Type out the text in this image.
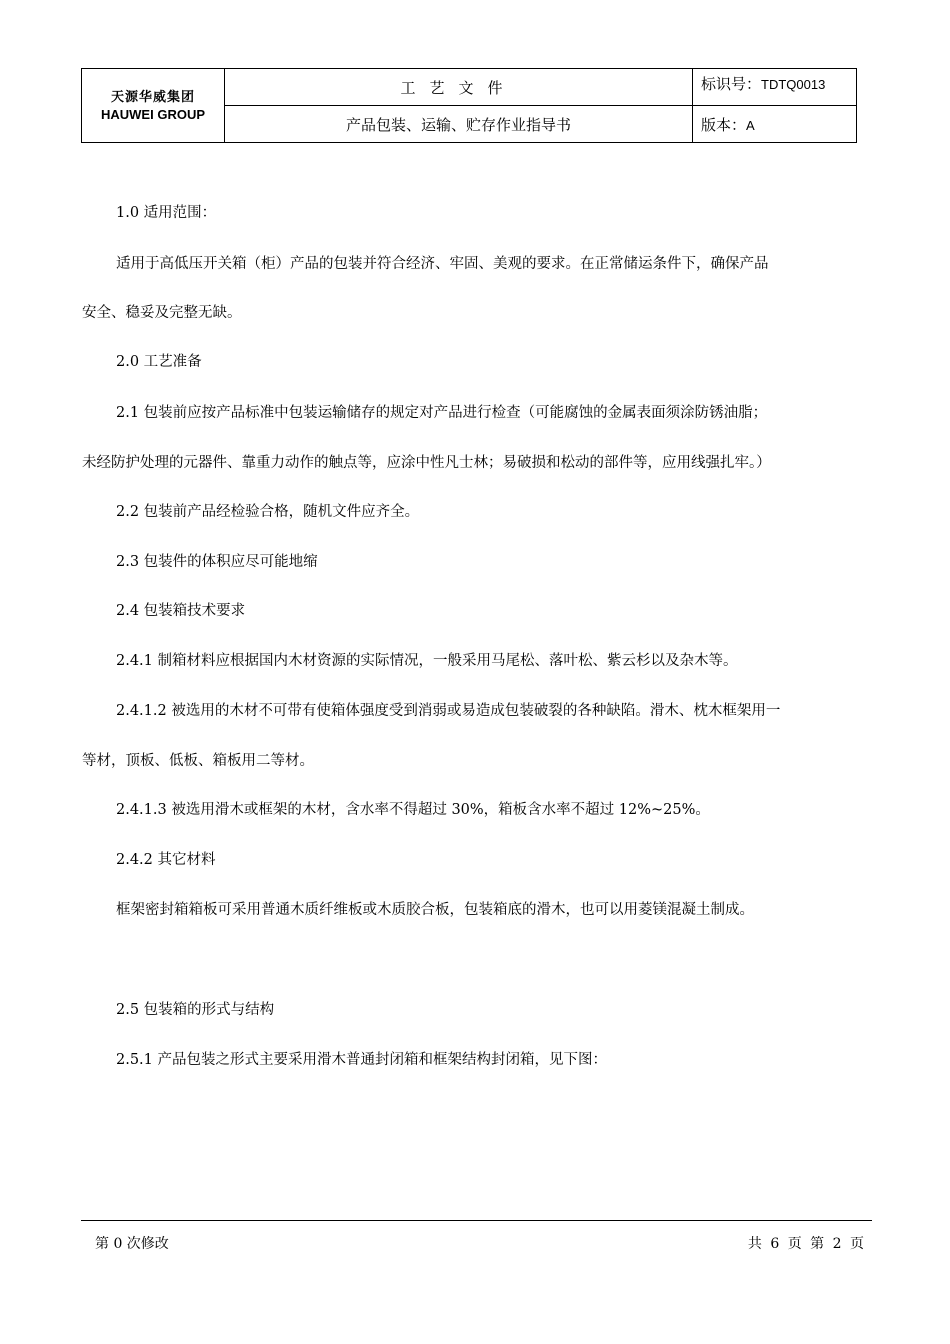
天源华威集团
HAUWEI GROUP	工艺文件	标识号：TDTQ0013
	产品包装、运输、贮存作业指导书	版本：A
1.0 适用范围：
适用于高低压开关箱（柜）产品的包装并符合经济、牢固、美观的要求。在正常储运条件下，确保产品
安全、稳妥及完整无缺。
2.0 工艺准备
2.1 包装前应按产品标准中包装运输储存的规定对产品进行检查（可能腐蚀的金属表面须涂防锈油脂；
未经防护处理的元器件、靠重力动作的触点等，应涂中性凡士林；易破损和松动的部件等，应用线强扎牢。）
2.2 包装前产品经检验合格，随机文件应齐全。
2.3 包装件的体积应尽可能地缩
2.4 包装箱技术要求
2.4.1 制箱材料应根据国内木材资源的实际情况，一般采用马尾松、落叶松、紫云杉以及杂木等。
2.4.1.2 被选用的木材不可带有使箱体强度受到消弱或易造成包装破裂的各种缺陷。滑木、枕木框架用一
等材，顶板、低板、箱板用二等材。
2.4.1.3 被选用滑木或框架的木材，含水率不得超过 30%，箱板含水率不超过 12%~25%。
2.4.2 其它材料
框架密封箱箱板可采用普通木质纤维板或木质胶合板，包装箱底的滑木，也可以用菱镁混凝土制成。
2.5 包装箱的形式与结构
2.5.1 产品包装之形式主要采用滑木普通封闭箱和框架结构封闭箱，见下图：
第 0 次修改	共 6 页 第 2 页
